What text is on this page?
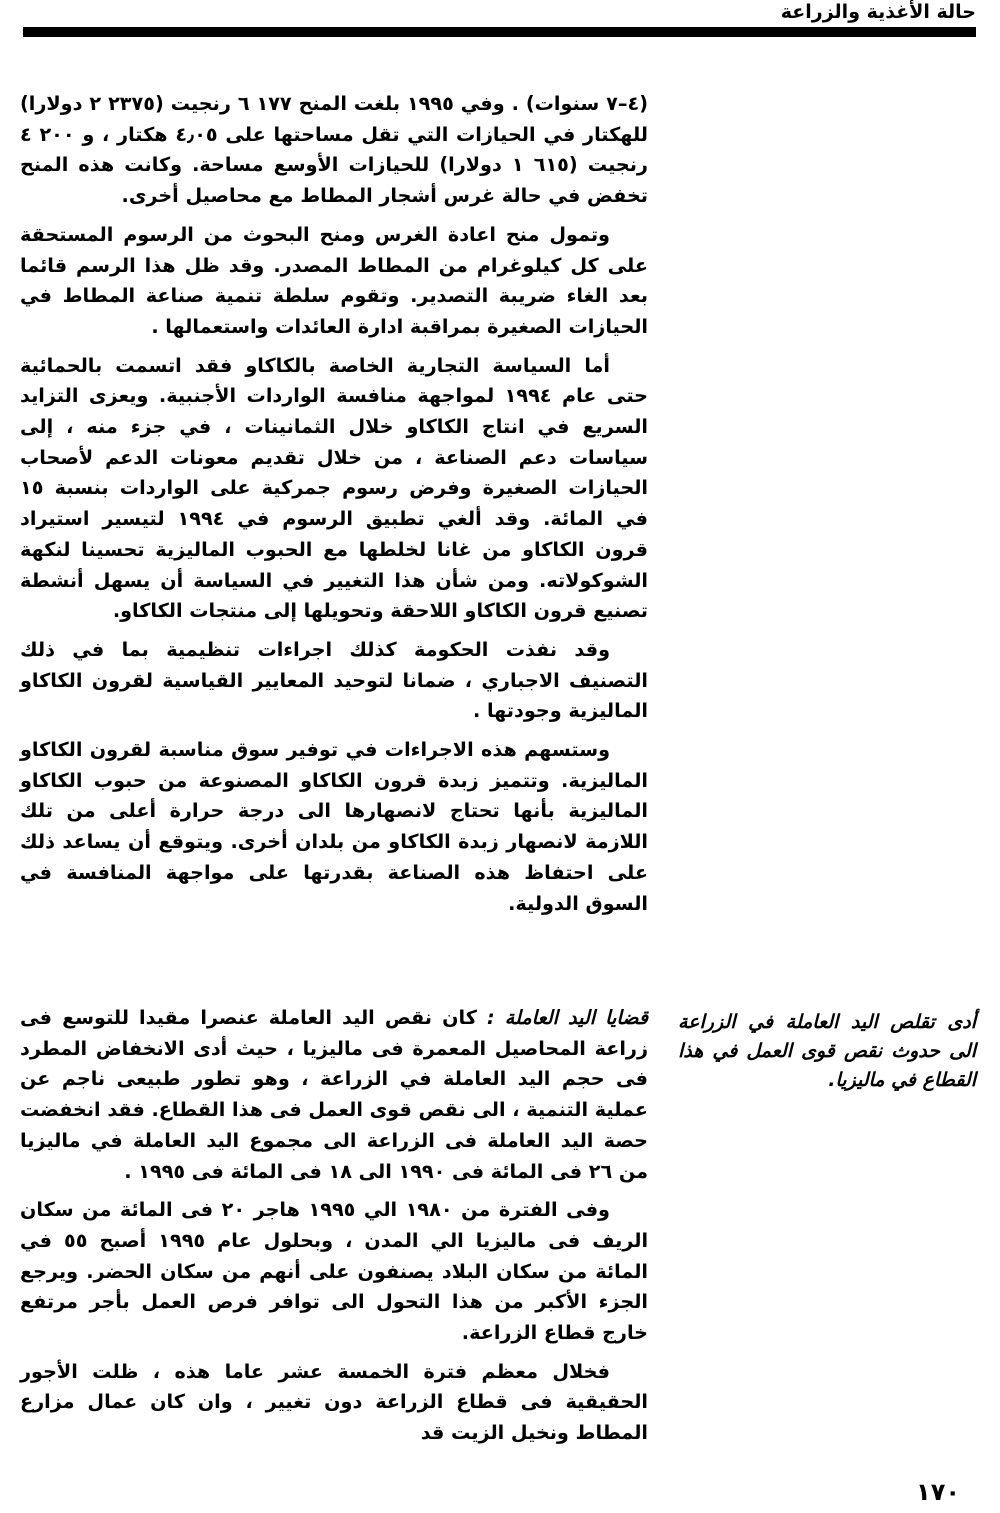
حالة الأغذية والزراعة

(٤–٧ سنوات) . وفي ١٩٩٥ بلغت المنح ١٧٧ ٦ رنجيت (٢٣٧٥ ٢ دولارا) للهكتار في الحيازات التي تقل مساحتها على ٤٫٠٥ هكتار ، و ٢٠٠ ٤ رنجيت (٦١٥ ١ دولارا) للحيازات الأوسع مساحة. وكانت هذه المنح تخفض في حالة غرس أشجار المطاط مع محاصيل أخرى.

وتمول منح اعادة الغرس ومنح البحوث من الرسوم المستحقة على كل كيلوغرام من المطاط المصدر. وقد ظل هذا الرسم قائما بعد الغاء ضريبة التصدير. وتقوم سلطة تنمية صناعة المطاط في الحيازات الصغيرة بمراقبة ادارة العائدات واستعمالها .

أما السياسة التجارية الخاصة بالكاكاو فقد اتسمت بالحمائية حتى عام ١٩٩٤ لمواجهة منافسة الواردات الأجنبية. ويعزى التزايد السريع في انتاج الكاكاو خلال الثمانينات ، في جزء منه ، إلى سياسات دعم الصناعة ، من خلال تقديم معونات الدعم لأصحاب الحيازات الصغيرة وفرض رسوم جمركية على الواردات بنسبة ١٥ في المائة. وقد ألغي تطبيق الرسوم في ١٩٩٤ لتيسير استيراد قرون الكاكاو من غانا لخلطها مع الحبوب الماليزية تحسينا لنكهة الشوكولاته. ومن شأن هذا التغيير في السياسة أن يسهل أنشطة تصنيع قرون الكاكاو اللاحقة وتحويلها إلى منتجات الكاكاو.

وقد نفذت الحكومة كذلك اجراءات تنظيمية بما في ذلك التصنيف الاجباري ، ضمانا لتوحيد المعايير القياسية لقرون الكاكاو الماليزية وجودتها .

وستسهم هذه الاجراءات في توفير سوق مناسبة لقرون الكاكاو الماليزية. وتتميز زبدة قرون الكاكاو المصنوعة من حبوب الكاكاو الماليزية بأنها تحتاج لانصهارها الى درجة حرارة أعلى من تلك اللازمة لانصهار زبدة الكاكاو من بلدان أخرى. ويتوقع أن يساعد ذلك على احتفاظ هذه الصناعة بقدرتها على مواجهة المنافسة في السوق الدولية.

قضايا اليد العاملة : كان نقص اليد العاملة عنصرا مقيدا للتوسع فى زراعة المحاصيل المعمرة فى ماليزيا ، حيث أدى الانخفاض المطرد فى حجم اليد العاملة في الزراعة ، وهو تطور طبيعى ناجم عن عملية التنمية ، الى نقص قوى العمل فى هذا القطاع. فقد انخفضت حصة اليد العاملة فى الزراعة الى مجموع اليد العاملة في ماليزيا من ٢٦ فى المائة فى ١٩٩٠ الى ١٨ فى المائة فى ١٩٩٥ .

وفى الفترة من ١٩٨٠ الي ١٩٩٥ هاجر ٢٠ فى المائة من سكان الريف فى ماليزيا الي المدن ، وبحلول عام ١٩٩٥ أصبح ٥٥ في المائة من سكان البلاد يصنفون على أنهم من سكان الحضر. ويرجع الجزء الأكبر من هذا التحول الى توافر فرص العمل بأجر مرتفع خارج قطاع الزراعة.

فخلال معظم فترة الخمسة عشر عاما هذه ، ظلت الأجور الحقيقية فى قطاع الزراعة دون تغيير ، وان كان عمال مزارع المطاط ونخيل الزيت قد

أدى تقلص اليد العاملة في الزراعة الى حدوث نقص قوى العمل في هذا القطاع في ماليزيا.
١٧٠
